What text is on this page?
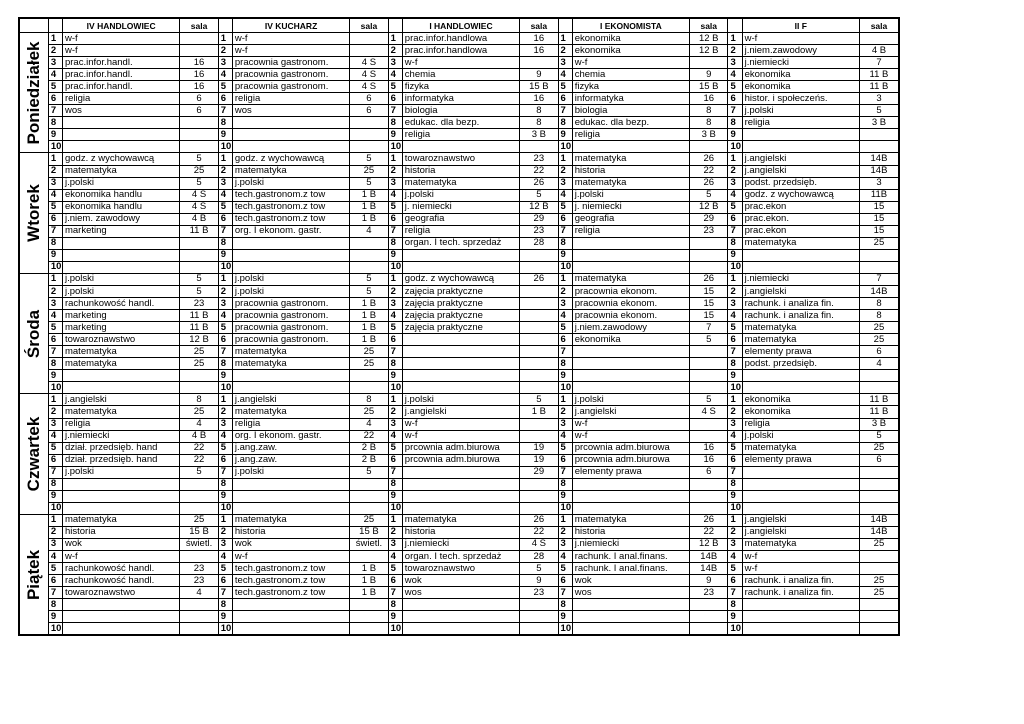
		IV HANDLOWIEC	sala		IV KUCHARZ	sala		I HANDLOWIEC	sala		I EKONOMISTA	sala		II F	sala

Poniedziałek	1	w-f		1	w-f		1	prac.infor.handlowa	16	1	ekonomika	12 B	1	w-f	
	2	w-f		2	w-f		2	prac.infor.handlowa	16	2	ekonomika	12 B	2	j.niem.zawodowy	4 B
	3	prac.infor.handl.	16	3	pracownia gastronom.	4 S	3	w-f		3	w-f		3	j.niemiecki	7
	4	prac.infor.handl.	16	4	pracownia gastronom.	4 S	4	chemia	9	4	chemia	9	4	ekonomika	11 B
	5	prac.infor.handl.	16	5	pracownia gastronom.	4 S	5	fizyka	15 B	5	fizyka	15 B	5	ekonomika	11 B
	6	religia	6	6	religia	6	6	informatyka	16	6	informatyka	16	6	histor. i społeczeńs.	3
	7	wos	6	7	wos	6	7	biologia	8	7	biologia	8	7	j.polski	5
	8			8			8	edukac. dla bezp.	8	8	edukac. dla bezp.	8	8	religia	3 B
	9			9			9	religia	3 B	9	religia	3 B	9		
	10			10			10			10			10		

Wtorek	1	godz. z wychowawcą	5	1	godz. z wychowawcą	5	1	towaroznawstwo	23	1	matematyka	26	1	j.angielski	14B
	2	matematyka	25	2	matematyka	25	2	historia	22	2	historia	22	2	j.angielski	14B
	3	j.polski	5	3	j.polski	5	3	matematyka	26	3	matematyka	26	3	podst. przedsięb.	3
	4	ekonomika handlu	4 S	4	tech.gastronom.z tow	1 B	4	j.polski	5	4	j.polski	5	4	godz. z wychowawcą	11B
	5	ekonomika handlu	4 S	5	tech.gastronom.z tow	1 B	5	j. niemiecki	12 B	5	j. niemiecki	12 B	5	prac.ekon	15
	6	j.niem. zawodowy	4 B	6	tech.gastronom.z tow	1 B	6	geografia	29	6	geografia	29	6	prac.ekon.	15
	7	marketing	11 B	7	org. I ekonom. gastr.	4	7	religia	23	7	religia	23	7	prac.ekon	15
	8			8			8	organ. I tech. sprzedaż	28	8			8	matematyka	25
	9			9			9			9			9		
	10			10			10			10			10		

Środa	1	j.polski	5	1	j.polski	5	1	godz. z wychowawcą	26	1	matematyka	26	1	j.niemiecki	7
	2	j.polski	5	2	j.polski	5	2	zajęcia praktyczne		2	pracownia ekonom.	15	2	j.angielski	14B
	3	rachunkowość handl.	23	3	pracownia gastronom.	1 B	3	zajęcia praktyczne		3	pracownia ekonom.	15	3	rachunk. i analiza fin.	8
	4	marketing	11 B	4	pracownia gastronom.	1 B	4	zajęcia praktyczne		4	pracownia ekonom.	15	4	rachunk. i analiza fin.	8
	5	marketing	11 B	5	pracownia gastronom.	1 B	5	zajęcia praktyczne		5	j.niem.zawodowy	7	5	matematyka	25
	6	towaroznawstwo	12 B	6	pracownia gastronom.	1 B	6			6	ekonomika	5	6	matematyka	25
	7	matematyka	25	7	matematyka	25	7			7			7	elementy prawa	6
	8	matematyka	25	8	matematyka	25	8			8			8	podst. przedsięb.	4
	9			9			9			9			9		
	10			10			10			10			10		

Czwartek	1	j.angielski	8	1	j.angielski	8	1	j.polski	5	1	j.polski	5	1	ekonomika	11 B
	2	matematyka	25	2	matematyka	25	2	j.angielski	1 B	2	j.angielski	4 S	2	ekonomika	11 B
	3	religia	4	3	religia	4	3	w-f		3	w-f		3	religia	3 B
	4	j.niemiecki	4 B	4	org. I ekonom. gastr.	22	4	w-f		4	w-f		4	j.polski	5
	5	dział. przedsięb. hand	22	5	j.ang.zaw.	2 B	5	prcownia adm.biurowa	19	5	prcownia adm.biurowa	16	5	matematyka	25
	6	dział. przedsięb. hand	22	6	j.ang.zaw.	2 B	6	prcownia adm.biurowa	19	6	prcownia adm.biurowa	16	6	elementy prawa	6
	7	j.polski	5	7	j.polski	5	7		29	7	elementy prawa	6	7		
	8			8			8			8			8		
	9			9			9			9			9		
	10			10			10			10			10		

Piątek	1	matematyka	25	1	matematyka	25	1	matematyka	26	1	matematyka	26	1	j.angielski	14B
	2	historia	15 B	2	historia	15 B	2	historia	22	2	historia	22	2	j.angielski	14B
	3	wok	świetl.	3	wok	świetl.	3	j.niemiecki	4 S	3	j.niemiecki	12 B	3	matematyka	25
	4	w-f		4	w-f		4	organ. I tech. sprzedaż	28	4	rachunk. I anal.finans.	14B	4	w-f	
	5	rachunkowość handl.	23	5	tech.gastronom.z tow	1 B	5	towaroznawstwo	5	5	rachunk. I anal.finans.	14B	5	w-f	
	6	rachunkowość handl.	23	6	tech.gastronom.z tow	1 B	6	wok	9	6	wok	9	6	rachunk. i analiza fin.	25
	7	towaroznawstwo	4	7	tech.gastronom.z tow	1 B	7	wos	23	7	wos	23	7	rachunk. i analiza fin.	25
	8			8			8			8			8		
	9			9			9			9			9		
	10			10			10			10			10		
